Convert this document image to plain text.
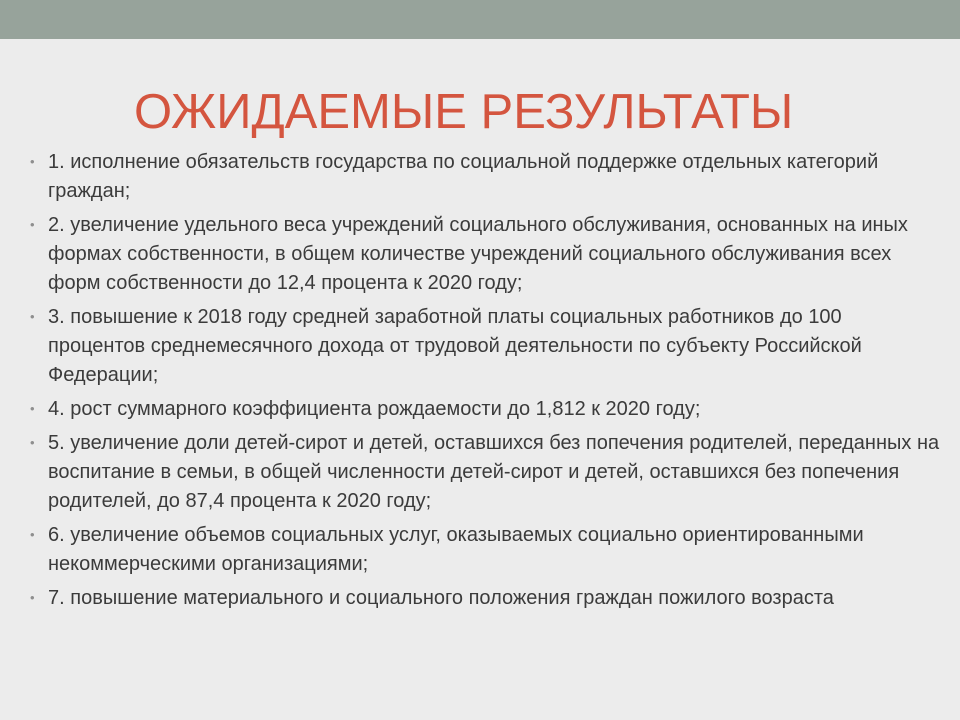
ОЖИДАЕМЫЕ РЕЗУЛЬТАТЫ
• 1. исполнение обязательств государства по социальной поддержке отдельных категорий граждан;
• 2. увеличение удельного веса учреждений социального обслуживания, основанных на иных формах собственности, в общем количестве учреждений социального обслуживания всех форм собственности до 12,4 процента к 2020 году;
• 3. повышение к 2018 году средней заработной платы социальных работников до 100 процентов среднемесячного дохода от трудовой деятельности по субъекту Российской Федерации;
• 4. рост суммарного коэффициента рождаемости до 1,812 к 2020 году;
• 5. увеличение доли детей-сирот и детей, оставшихся без попечения родителей, переданных на воспитание в семьи, в общей численности детей-сирот и детей, оставшихся без попечения родителей, до 87,4 процента к 2020 году;
• 6. увеличение объемов социальных услуг, оказываемых социально ориентированными некоммерческими организациями;
• 7. повышение материального и социального положения граждан пожилого возраста
